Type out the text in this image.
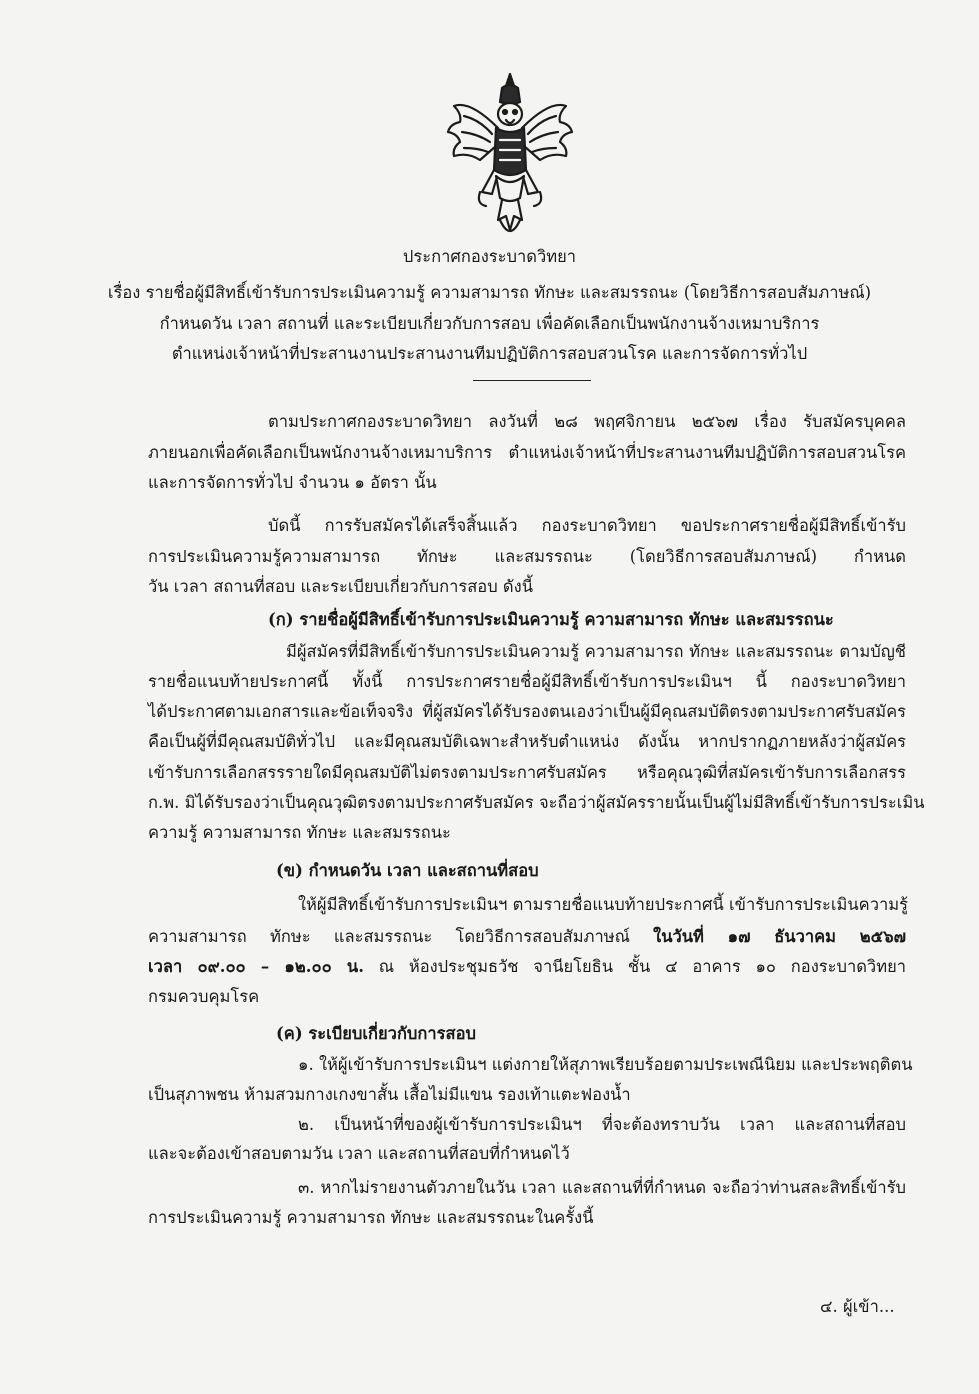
ประกาศกองระบาดวิทยา
เรื่อง รายชื่อผู้มีสิทธิ์เข้ารับการประเมินความรู้ ความสามารถ ทักษะ และสมรรถนะ (โดยวิธีการสอบสัมภาษณ์)
กำหนดวัน เวลา สถานที่ และระเบียบเกี่ยวกับการสอบ เพื่อคัดเลือกเป็นพนักงานจ้างเหมาบริการ
ตำแหน่งเจ้าหน้าที่ประสานงานประสานงานทีมปฏิบัติการสอบสวนโรค และการจัดการทั่วไป
ตามประกาศกองระบาดวิทยา ลงวันที่ ๒๘ พฤศจิกายน ๒๕๖๗ เรื่อง รับสมัครบุคคล
ภายนอกเพื่อคัดเลือกเป็นพนักงานจ้างเหมาบริการ ตำแหน่งเจ้าหน้าที่ประสานงานทีมปฏิบัติการสอบสวนโรค
และการจัดการทั่วไป จำนวน ๑ อัตรา นั้น
บัดนี้ การรับสมัครได้เสร็จสิ้นแล้ว กองระบาดวิทยา ขอประกาศรายชื่อผู้มีสิทธิ์เข้ารับ
การประเมินความรู้ความสามารถ ทักษะ และสมรรถนะ (โดยวิธีการสอบสัมภาษณ์) กำหนด
วัน เวลา สถานที่สอบ และระเบียบเกี่ยวกับการสอบ ดังนี้
(ก) รายชื่อผู้มีสิทธิ์เข้ารับการประเมินความรู้ ความสามารถ ทักษะ และสมรรถนะ
มีผู้สมัครที่มีสิทธิ์เข้ารับการประเมินความรู้ ความสามารถ ทักษะ และสมรรถนะ ตามบัญชี
รายชื่อแนบท้ายประกาศนี้ ทั้งนี้ การประกาศรายชื่อผู้มีสิทธิ์เข้ารับการประเมินฯ นี้ กองระบาดวิทยา
ได้ประกาศตามเอกสารและข้อเท็จจริง ที่ผู้สมัครได้รับรองตนเองว่าเป็นผู้มีคุณสมบัติตรงตามประกาศรับสมัคร
คือเป็นผู้ที่มีคุณสมบัติทั่วไป และมีคุณสมบัติเฉพาะสำหรับตำแหน่ง ดังนั้น หากปรากฏภายหลังว่าผู้สมัคร
เข้ารับการเลือกสรรรายใดมีคุณสมบัติไม่ตรงตามประกาศรับสมัคร หรือคุณวุฒิที่สมัครเข้ารับการเลือกสรร
ก.พ. มิได้รับรองว่าเป็นคุณวุฒิตรงตามประกาศรับสมัคร จะถือว่าผู้สมัครรายนั้นเป็นผู้ไม่มีสิทธิ์เข้ารับการประเมิน
ความรู้ ความสามารถ ทักษะ และสมรรถนะ
(ข) กำหนดวัน เวลา และสถานที่สอบ
ให้ผู้มีสิทธิ์เข้ารับการประเมินฯ ตามรายชื่อแนบท้ายประกาศนี้ เข้ารับการประเมินความรู้
ความสามารถ ทักษะ และสมรรถนะ โดยวิธีการสอบสัมภาษณ์ ในวันที่ ๑๗ ธันวาคม ๒๕๖๗
เวลา ๐๙.๐๐ – ๑๒.๐๐ น. ณ ห้องประชุมธวัช จานียโยธิน ชั้น ๔ อาคาร ๑๐ กองระบาดวิทยา
กรมควบคุมโรค
(ค) ระเบียบเกี่ยวกับการสอบ
๑. ให้ผู้เข้ารับการประเมินฯ แต่งกายให้สุภาพเรียบร้อยตามประเพณีนิยม และประพฤติตน
เป็นสุภาพชน ห้ามสวมกางเกงขาสั้น เสื้อไม่มีแขน รองเท้าแตะฟองน้ำ
๒. เป็นหน้าที่ของผู้เข้ารับการประเมินฯ ที่จะต้องทราบวัน เวลา และสถานที่สอบ
และจะต้องเข้าสอบตามวัน เวลา และสถานที่สอบที่กำหนดไว้
๓. หากไม่รายงานตัวภายในวัน เวลา และสถานที่ที่กำหนด จะถือว่าท่านสละสิทธิ์เข้ารับ
การประเมินความรู้ ความสามารถ ทักษะ และสมรรถนะในครั้งนี้
๔. ผู้เข้า...
